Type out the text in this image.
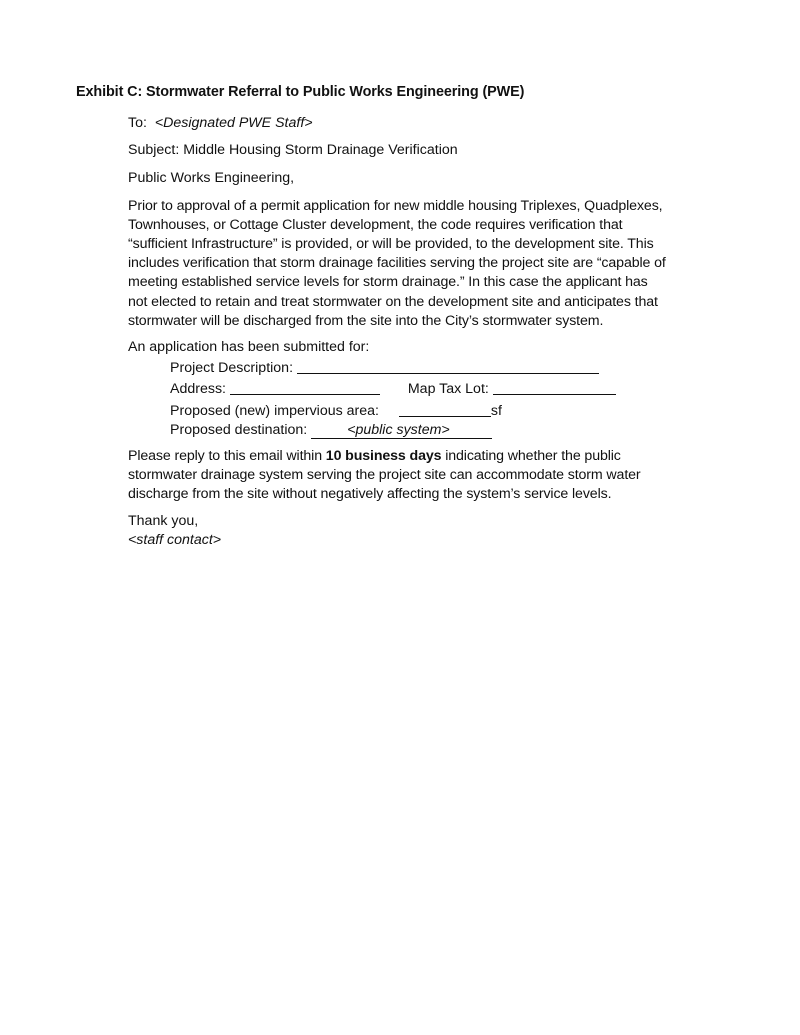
Exhibit C: Stormwater Referral to Public Works Engineering (PWE)
To: <Designated PWE Staff>
Subject: Middle Housing Storm Drainage Verification
Public Works Engineering,
Prior to approval of a permit application for new middle housing Triplexes, Quadplexes,
Townhouses, or Cottage Cluster development, the code requires verification that
“sufficient Infrastructure” is provided, or will be provided, to the development site. This
includes verification that storm drainage facilities serving the project site are “capable of
meeting established service levels for storm drainage.” In this case the applicant has
not elected to retain and treat stormwater on the development site and anticipates that
stormwater will be discharged from the site into the City’s stormwater system.
An application has been submitted for:
Project Description:
Address:	Map Tax Lot:
Proposed (new) impervious area:	sf
Proposed destination:	<public system>
Please reply to this email within 10 business days indicating whether the public
stormwater drainage system serving the project site can accommodate storm water
discharge from the site without negatively affecting the system’s service levels.
Thank you,
<staff contact>
